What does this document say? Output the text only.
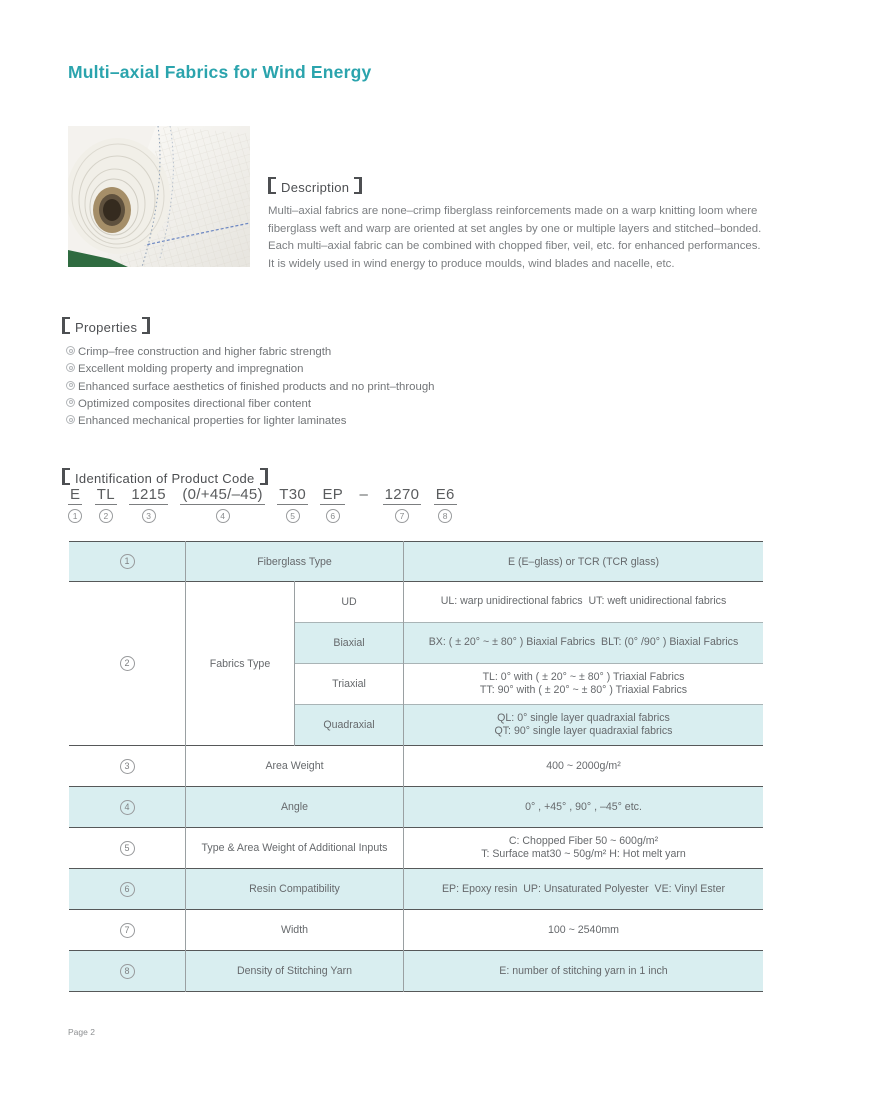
Multi–axial Fabrics for Wind Energy
Description

Multi–axial fabrics are none–crimp fiberglass reinforcements made on a warp knitting loom where fiberglass weft and warp are oriented at set angles by one or multiple layers and stitched–bonded. Each multi–axial fabric can be combined with chopped fiber, veil, etc. for enhanced performances.

It is widely used in wind energy to produce moulds, wind blades and nacelle, etc.

Properties
Crimp–free construction and higher fabric strength
Excellent molding property and impregnation
Enhanced surface aesthetics of finished products and no print–through
Optimized composites directional fiber content
Enhanced mechanical properties for lighter laminates
Identification of Product Code
E
1

TL
2

1215
3

(0/+45/–45)
4

T30
5

EP
6

–
1270
7

E6
8
1	Fiberglass Type		E (E–glass) or TCR (TCR glass)
2	Fabrics Type	UD	UL: warp unidirectional fabrics  UT: weft unidirectional fabrics

		Biaxial	BX: ( ± 20° ~ ± 80° ) Biaxial Fabrics  BLT: (0° /90° ) Biaxial Fabrics

		Triaxial	TL: 0° with ( ± 20° ~ ± 80° ) Triaxial Fabrics
TT: 90° with ( ± 20° ~ ± 80° ) Triaxial Fabrics

		Quadraxial	QL: 0° single layer quadraxial fabrics
QT: 90° single layer quadraxial fabrics

3	Area Weight		400 ~ 2000g/m²
4	Angle		0° , +45° , 90° , –45° etc.
5	Type & Area Weight of Additional Inputs		C: Chopped Fiber 50 ~ 600g/m²
T: Surface mat30 ~ 50g/m² H: Hot melt yarn

6	Resin Compatibility		EP: Epoxy resin  UP: Unsaturated Polyester  VE: Vinyl Ester
7	Width		100 ~ 2540mm
8	Density of Stitching Yarn		E: number of stitching yarn in 1 inch
Page 2
